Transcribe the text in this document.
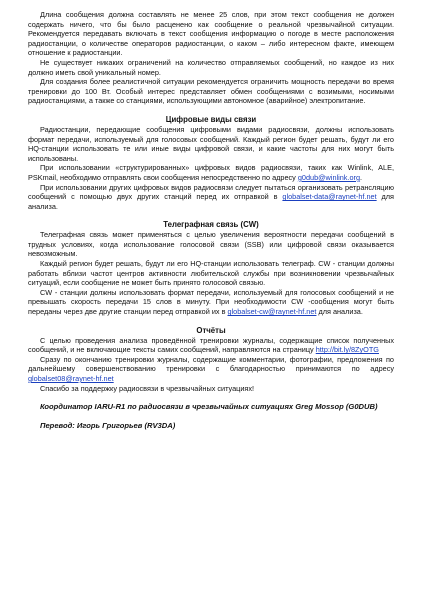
Длина сообщения должна составлять не менее 25 слов, при этом текст сообщения не должен содержать ничего, что бы было расценено как сообщение о реальной чрезвычайной ситуации. Рекомендуется передавать включать в текст сообщения информацию о погоде в месте расположения радиостанции, о количестве операторов радиостанции, о каком – либо интересном факте, имеющем отношение к радиостанции.

Не существует никаких ограничений на количество отправляемых сообщений, но каждое из них должно иметь свой уникальный номер.

Для создания более реалистичной ситуации рекомендуется ограничить мощность передачи во время тренировки до 100 Вт. Особый интерес представляет обмен сообщениями с возимыми, носимыми радиостанциями, а также со станциями, использующими автономное (аварийное) электропитание.

Цифровые виды связи

Радиостанции, передающие сообщения цифровыми видами радиосвязи, должны использовать формат передачи, используемый для голосовых сообщений. Каждый регион будет решать, будут ли его HQ-станции использовать те или иные виды цифровой связи, и какие частоты для них могут быть использованы.

При использовании «структурированных» цифровых видов радиосвязи, таких как Winlink, ALE, PSKmail, необходимо отправлять свои сообщения непосредственно по адресу g0dub@winlink.org.

При использовании других цифровых видов радиосвязи следует пытаться организовать ретрансляцию сообщений с помощью двух других станций перед их отправкой в globalset-data@raynet-hf.net для анализа.

Телеграфная связь (CW)

Телеграфная связь может применяться с целью увеличения вероятности передачи сообщений в трудных условиях, когда использование голосовой связи (SSB) или цифровой связи оказывается невозможным.

Каждый регион будет решать, будут ли его HQ-станции использовать телеграф. CW - станции должны работать вблизи частот центров активности любительской службы при возникновении чрезвычайных ситуаций, если сообщение не может быть принято голосовой связью.

CW - станции должны использовать формат передачи, используемый для голосовых сообщений и не превышать скорость передачи 15 слов в минуту. При необходимости CW -сообщения могут быть переданы через две другие станции перед отправкой их в globalset-cw@raynet-hf.net для анализа.

Отчёты

С целью проведения анализа проведённой тренировки журналы, содержащие список полученных сообщений, и не включающие тексты самих сообщений, направляются на страницу http://bit.ly/8ZyOTG

Сразу по окончанию тренировки журналы, содержащие комментарии, фотографии, предложения по дальнейшему совершенствованию тренировки с благодарностью принимаются по адресу globalset08@raynet-hf.net

Спасибо за поддержку радиосвязи в чрезвычайных ситуациях!

Координатор IARU-R1 по радиосвязи в чрезвычайных ситуациях Greg Mossop (G0DUB)

Перевод: Игорь Григорьев (RV3DA)
